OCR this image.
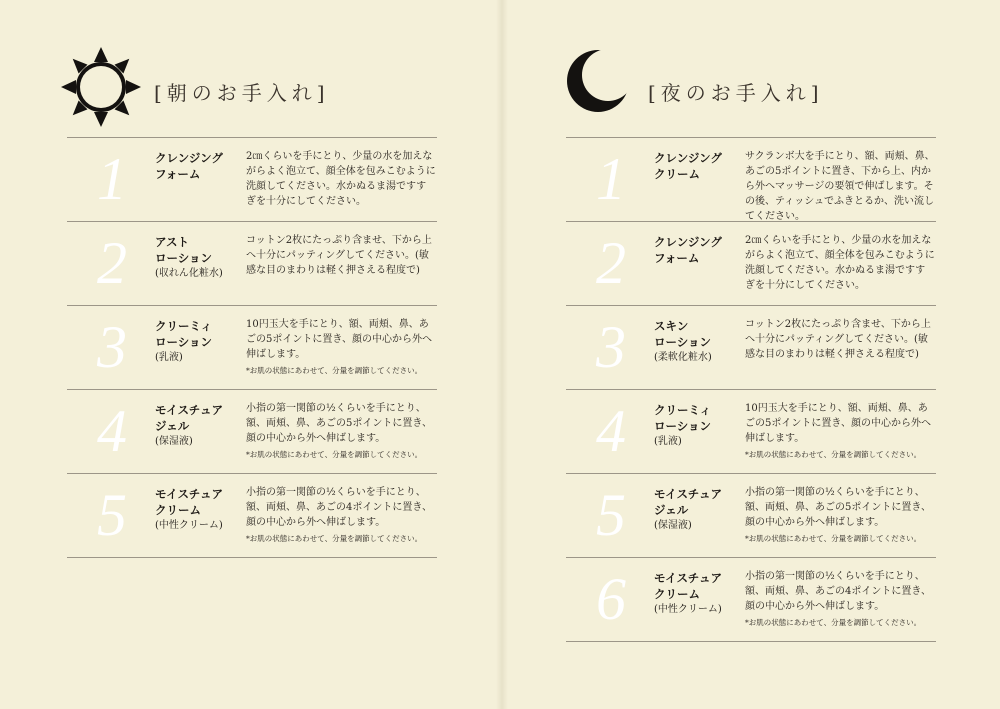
[朝のお手入れ]
1	クレンジング
フォーム

2㎝くらいを手にとり、少量の水を加えながらよく泡立て、顔全体を包みこむように洗顔してください。水かぬるま湯ですすぎを十分にしてください。

2	アスト
ローション
(収れん化粧水)

コットン2枚にたっぷり含ませ、下から上へ十分にパッティングしてください。(敏感な目のまわりは軽く押さえる程度で)

3	クリーミィ
ローション
(乳液)

10円玉大を手にとり、額、両頬、鼻、あごの5ポイントに置き、顔の中心から外へ伸ばします。

*お肌の状態にあわせて、分量を調節してください。

4	モイスチュア
ジェル
(保湿液)

小指の第一関節の½くらいを手にとり、額、両頬、鼻、あごの5ポイントに置き、顔の中心から外へ伸ばします。

*お肌の状態にあわせて、分量を調節してください。

5	モイスチュア
クリーム
(中性クリーム)

小指の第一関節の½くらいを手にとり、額、両頬、鼻、あごの4ポイントに置き、顔の中心から外へ伸ばします。

*お肌の状態にあわせて、分量を調節してください。

[夜のお手入れ]
1	クレンジング
クリーム

サクランボ大を手にとり、額、両頬、鼻、あごの5ポイントに置き、下から上、内から外へマッサージの要領で伸ばします。その後、ティッシュでふきとるか、洗い流してください。

2	クレンジング
フォーム

2㎝くらいを手にとり、少量の水を加えながらよく泡立て、顔全体を包みこむように洗顔してください。水かぬるま湯ですすぎを十分にしてください。

3	スキン
ローション
(柔軟化粧水)

コットン2枚にたっぷり含ませ、下から上へ十分にパッティングしてください。(敏感な目のまわりは軽く押さえる程度で)

4	クリーミィ
ローション
(乳液)

10円玉大を手にとり、額、両頬、鼻、あごの5ポイントに置き、顔の中心から外へ伸ばします。

*お肌の状態にあわせて、分量を調節してください。

5	モイスチュア
ジェル
(保湿液)

小指の第一関節の½くらいを手にとり、額、両頬、鼻、あごの5ポイントに置き、顔の中心から外へ伸ばします。

*お肌の状態にあわせて、分量を調節してください。

6	モイスチュア
クリーム
(中性クリーム)

小指の第一関節の½くらいを手にとり、額、両頬、鼻、あごの4ポイントに置き、顔の中心から外へ伸ばします。

*お肌の状態にあわせて、分量を調節してください。
